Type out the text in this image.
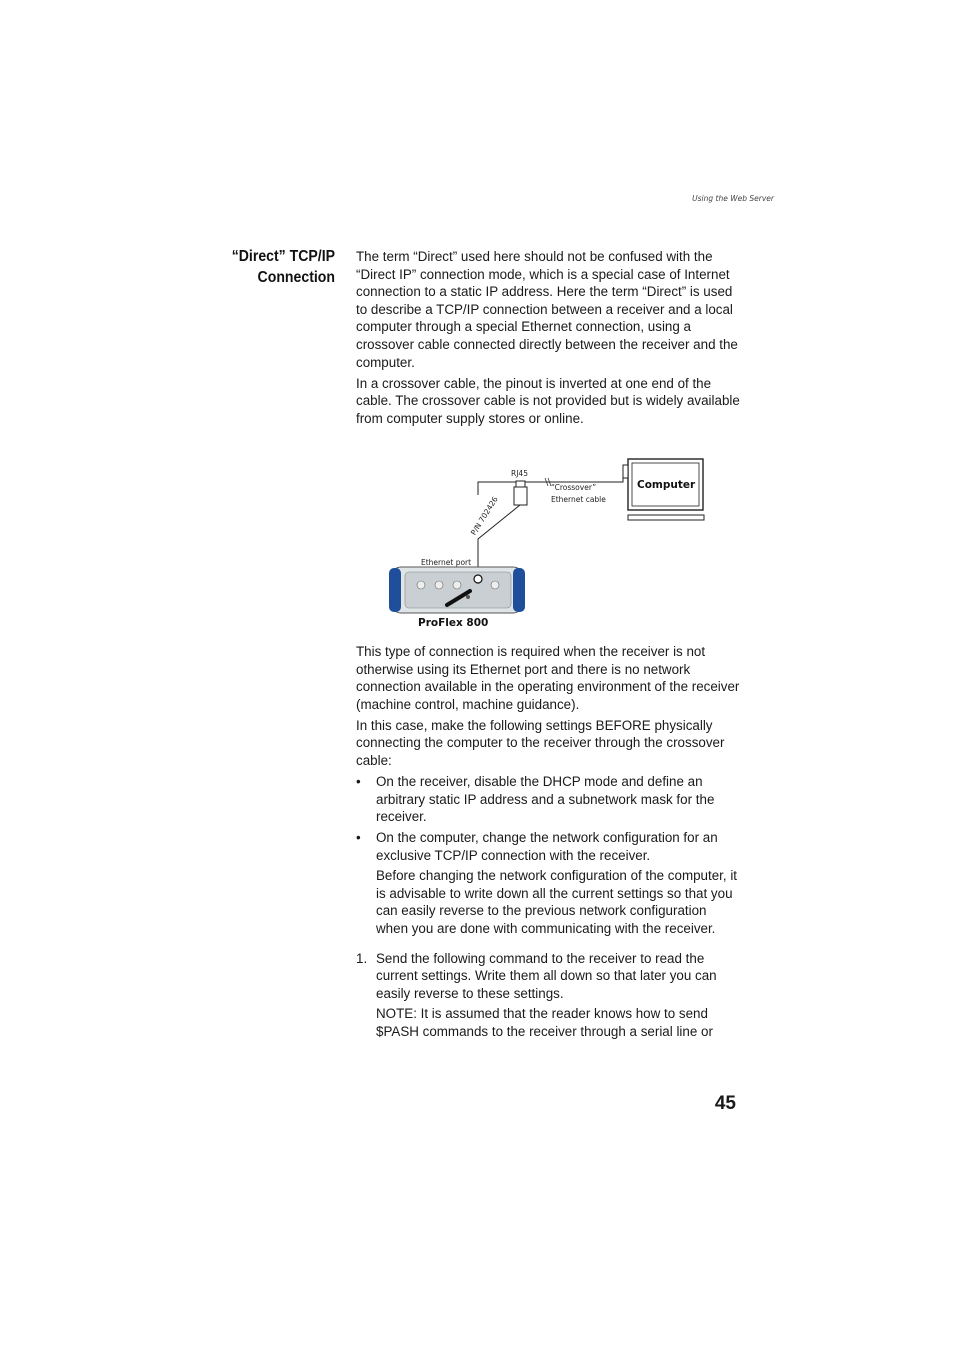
Using the Web Server
“Direct” TCP/IP
Connection

The term “Direct” used here should not be confused with the “Direct IP” connection mode, which is a special case of Internet connection to a static IP address. Here the term “Direct” is used to describe a TCP/IP connection between a receiver and a local computer through a special Ethernet connection, using a crossover cable connected directly between the receiver and the computer.

In a crossover cable, the pinout is inverted at one end of the cable. The crossover cable is not provided but is widely available from computer supply stores or online.

RJ45
“Crossover”
Ethernet cable
Computer
P/N 702426
Ethernet port
ProFlex 800

This type of connection is required when the receiver is not otherwise using its Ethernet port and there is no network connection available in the operating environment of the receiver (machine control, machine guidance).

In this case, make the following settings BEFORE physically connecting the computer to the receiver through the crossover cable:

• On the receiver, disable the DHCP mode and define an arbitrary static IP address and a subnetwork mask for the receiver.
• On the computer, change the network configuration for an exclusive TCP/IP connection with the receiver.
Before changing the network configuration of the computer, it is advisable to write down all the current settings so that you can easily reverse to the previous network configuration when you are done with communicating with the receiver.
1. Send the following command to the receiver to read the current settings. Write them all down so that later you can easily reverse to these settings.
NOTE: It is assumed that the reader knows how to send $PASH commands to the receiver through a serial line or
45
